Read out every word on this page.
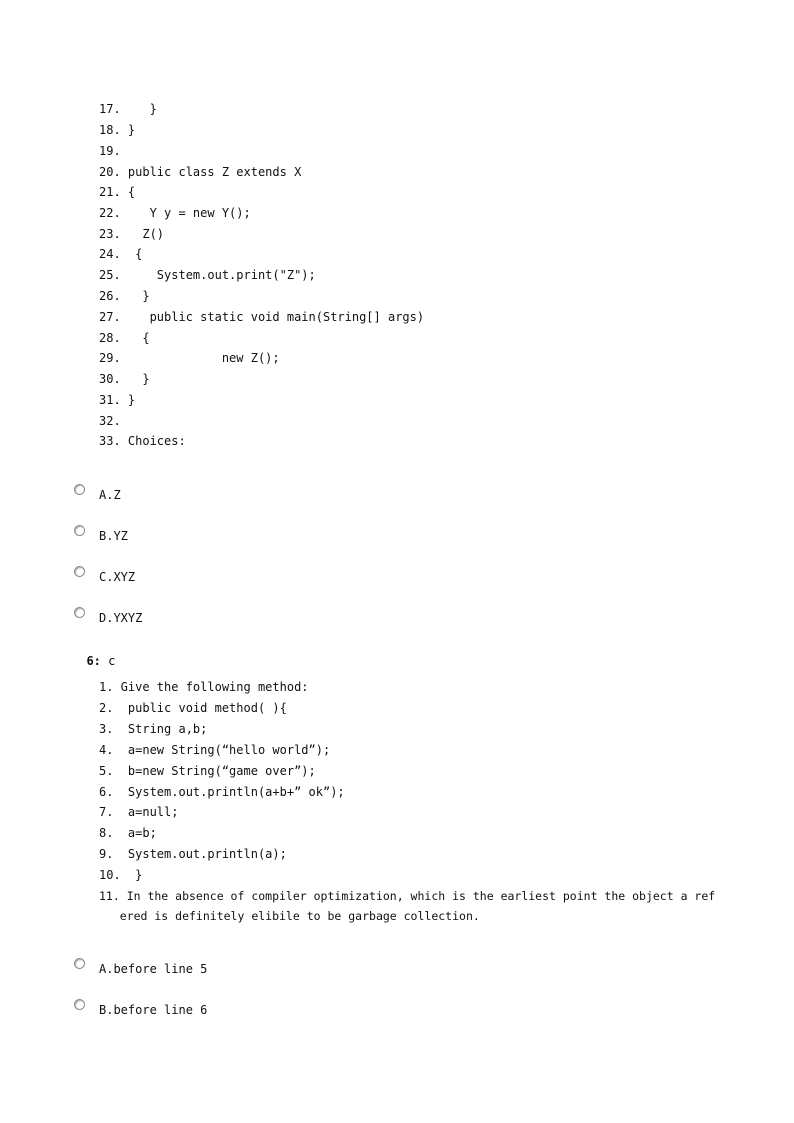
17.    }

18. }

19.

20. public class Z extends X

21. {

22.    Y y = new Y();

23.   Z()

24.  {

25.     System.out.print("Z");

26.   }

27.    public static void main(String[] args)

28.   {

29.              new Z();

30.   }

31. }

32.

33. Choices:

A.Z
B.YZ
C.XYZ
D.YXYZ

6: c

1. Give the following method:

2.  public void method( ){

3.  String a,b;

4.  a=new String(“hello world”);

5.  b=new String(“game over”);

6.  System.out.println(a+b+” ok”);

7.  a=null;

8.  a=b;

9.  System.out.println(a);

10.  }

11. In the absence of compiler optimization, which is the earliest point the object a ref

ered is definitely elibile to be garbage collection.

A.before line 5
B.before line 6
